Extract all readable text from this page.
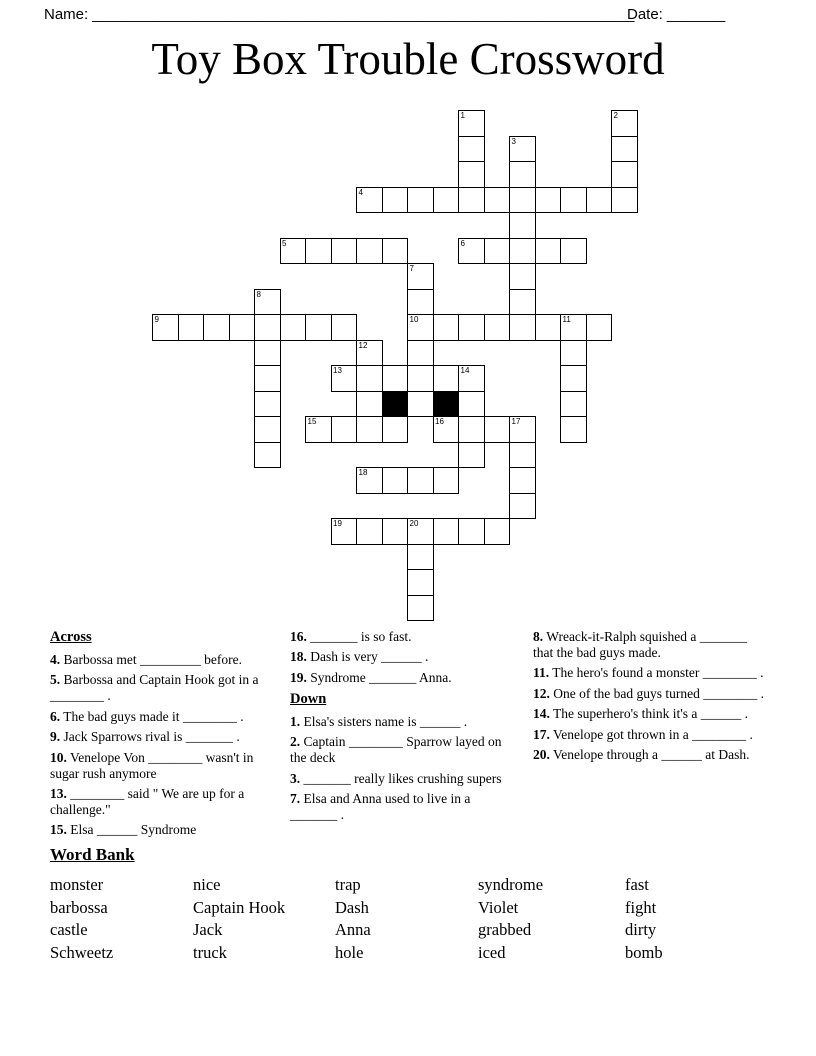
Name: _________________________________________________________________
Date: _______
Toy Box Trouble Crossword
1	2
3
4
5	6
7
10
8
9	11
12
13	14
15	16	17
18
19	20
Across

4. Barbossa met _________ before.

5. Barbossa and Captain Hook got in a ________ .

6. The bad guys made it ________ .

9. Jack Sparrows rival is _______ .

10. Venelope Von ________ wasn't in sugar rush anymore

13. ________ said " We are up for a challenge."

15. Elsa ______ Syndrome

16. _______ is so fast.

18. Dash is very ______ .

19. Syndrome _______ Anna.

Down

1. Elsa's sisters name is ______ .

2. Captain ________ Sparrow layed on the deck

3. _______ really likes crushing supers

7. Elsa and Anna used to live in a _______ .

8. Wreack-it-Ralph squished a _______ that the bad guys made.

11. The hero's found a monster ________ .

12. One of the bad guys turned ________ .

14. The superhero's think it's a ______ .

17. Venelope got thrown in a ________ .

20. Venelope through a ______ at Dash.

Word Bank
monster	nice	trap	syndrome	fast
barbossa	Captain Hook	Dash	Violet	fight
castle	Jack	Anna	grabbed	dirty
Schweetz	truck	hole	iced	bomb
